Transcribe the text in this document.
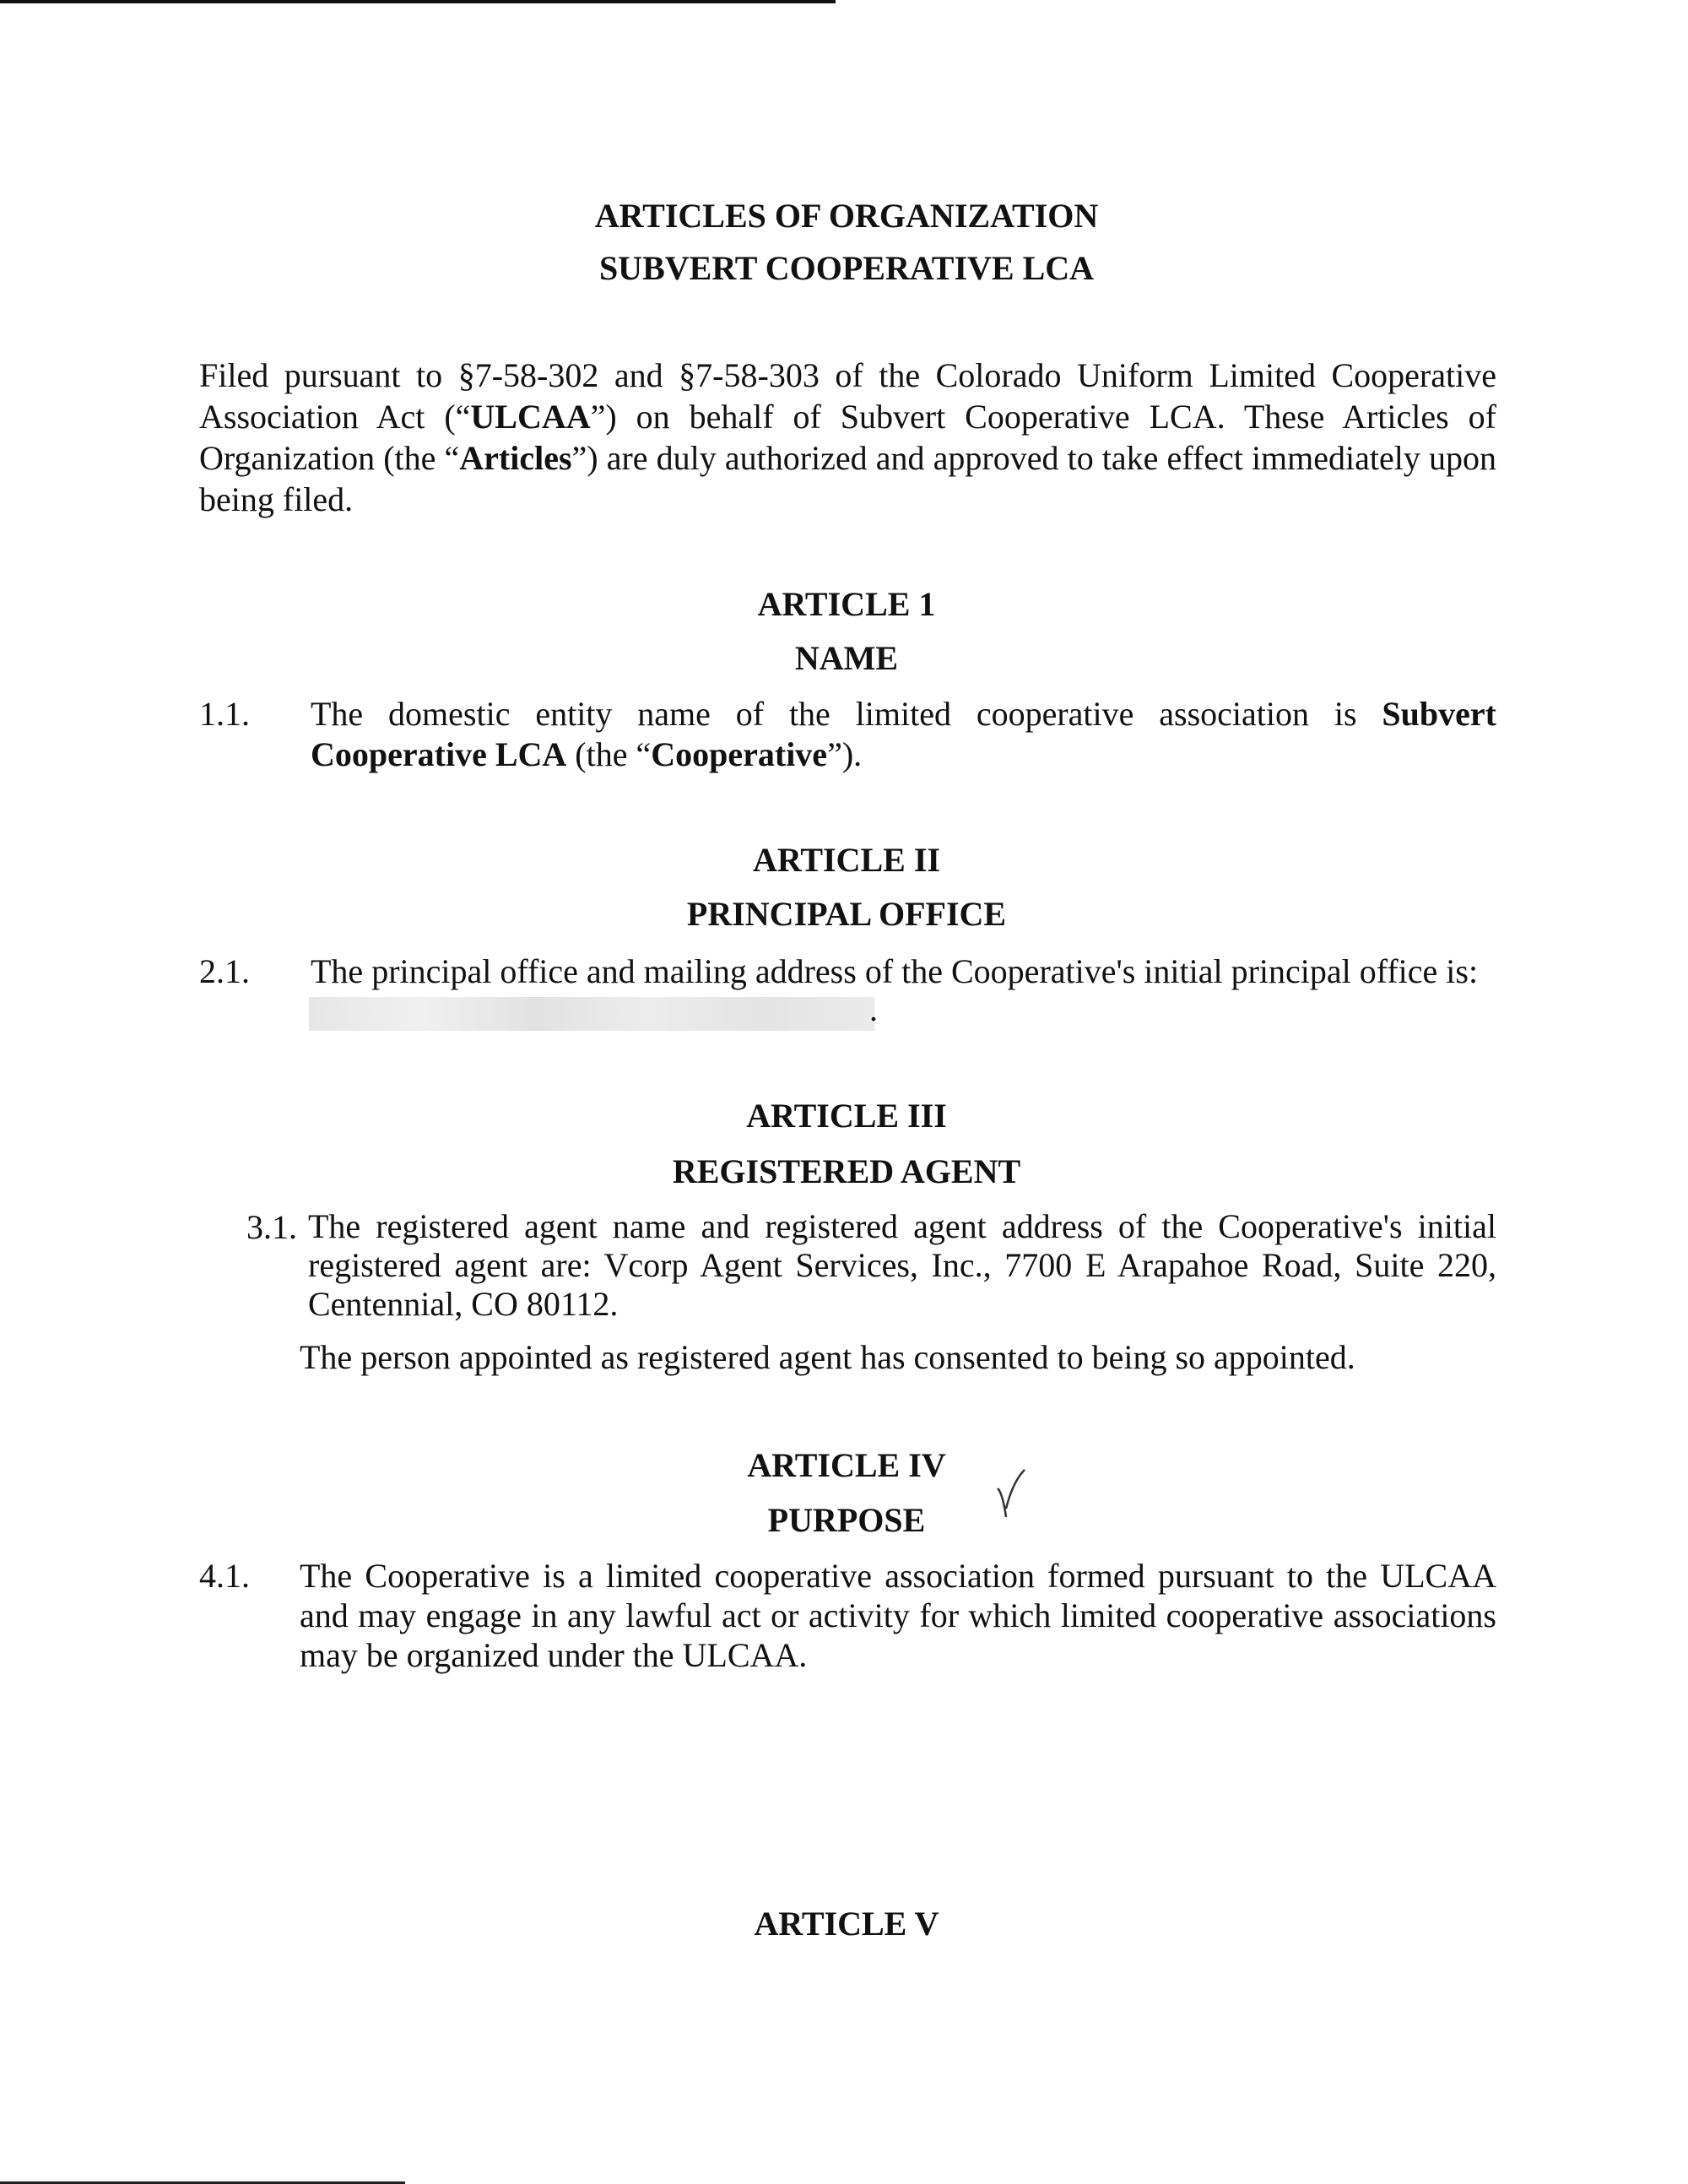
ARTICLES OF ORGANIZATION
SUBVERT COOPERATIVE LCA
Filed pursuant to §7-58-302 and §7-58-303 of the Colorado Uniform Limited Cooperative Association Act (“ULCAA”) on behalf of Subvert Cooperative LCA. These Articles of Organization (the “Articles”) are duly authorized and approved to take effect immediately upon being filed.
ARTICLE 1
NAME
1.1. The domestic entity name of the limited cooperative association is Subvert Cooperative LCA (the “Cooperative”).
ARTICLE II
PRINCIPAL OFFICE
2.1. The principal office and mailing address of the Cooperative's initial principal office is:
.
ARTICLE III
REGISTERED AGENT
3.1. The registered agent name and registered agent address of the Cooperative's initial registered agent are: Vcorp Agent Services, Inc., 7700 E Arapahoe Road, Suite 220, Centennial, CO 80112.
The person appointed as registered agent has consented to being so appointed.
ARTICLE IV
PURPOSE
4.1. The Cooperative is a limited cooperative association formed pursuant to the ULCAA and may engage in any lawful act or activity for which limited cooperative associations may be organized under the ULCAA.
ARTICLE V
